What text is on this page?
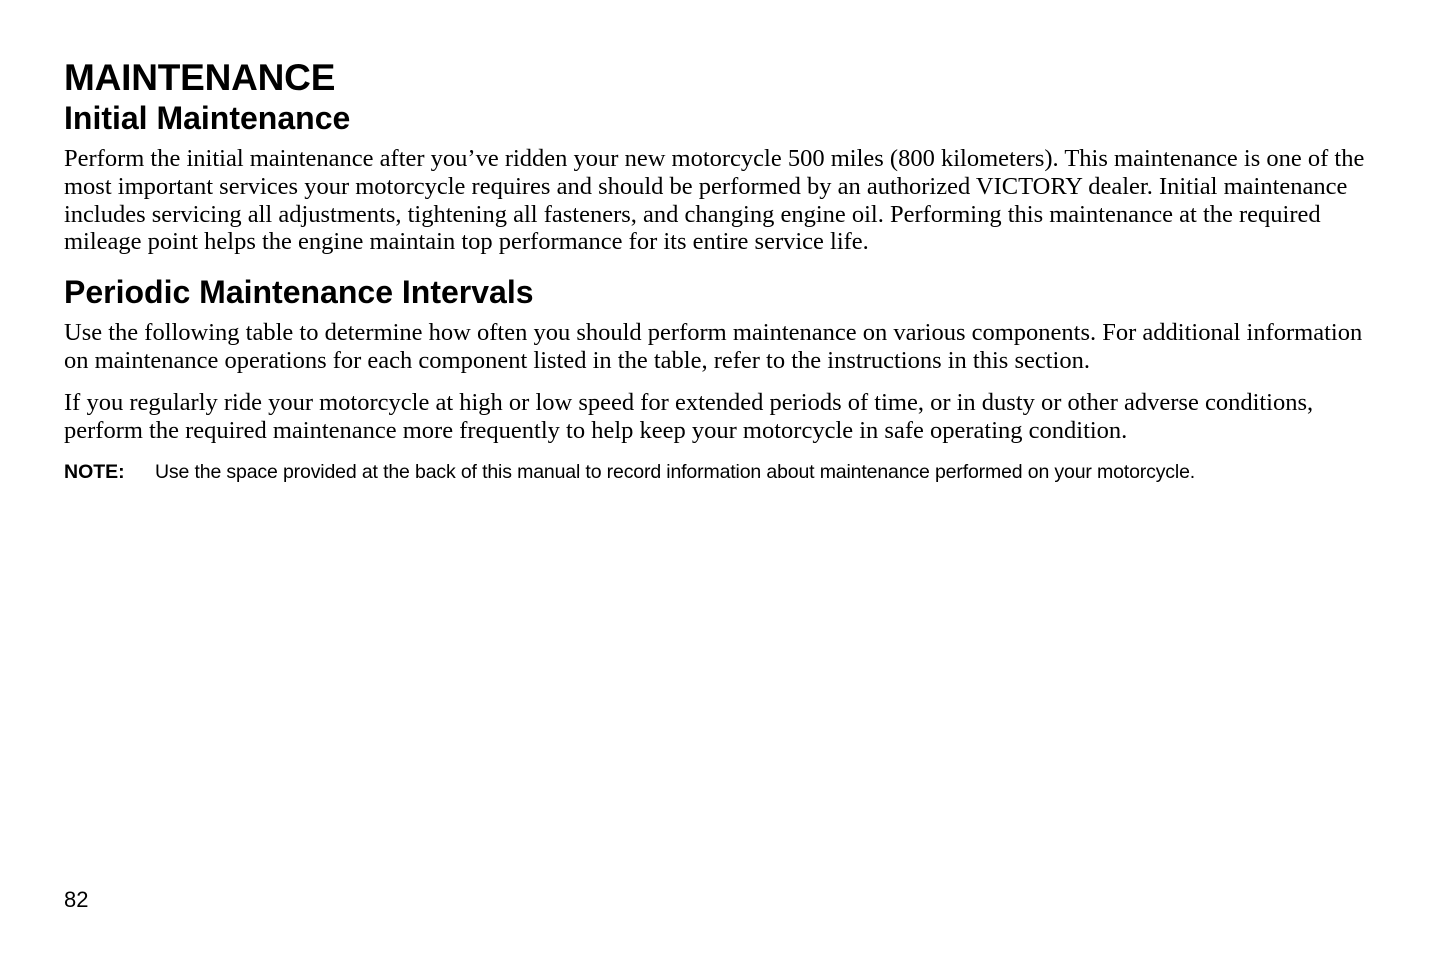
MAINTENANCE
Initial Maintenance

Perform the initial maintenance after you’ve ridden your new motorcycle 500 miles (800 kilometers). This maintenance is one of the most important services your motorcycle requires and should be performed by an authorized VICTORY dealer. Initial maintenance includes servicing all adjustments, tightening all fasteners, and changing engine oil. Performing this maintenance at the required mileage point helps the engine maintain top performance for its entire service life.

Periodic Maintenance Intervals

Use the following table to determine how often you should perform maintenance on various components. For additional information on maintenance operations for each component listed in the table, refer to the instructions in this section.

If you regularly ride your motorcycle at high or low speed for extended periods of time, or in dusty or other adverse conditions, perform the required maintenance more frequently to help keep your motorcycle in safe operating condition.

NOTE:	Use the space provided at the back of this manual to record information about maintenance performed on your motorcycle.
82
